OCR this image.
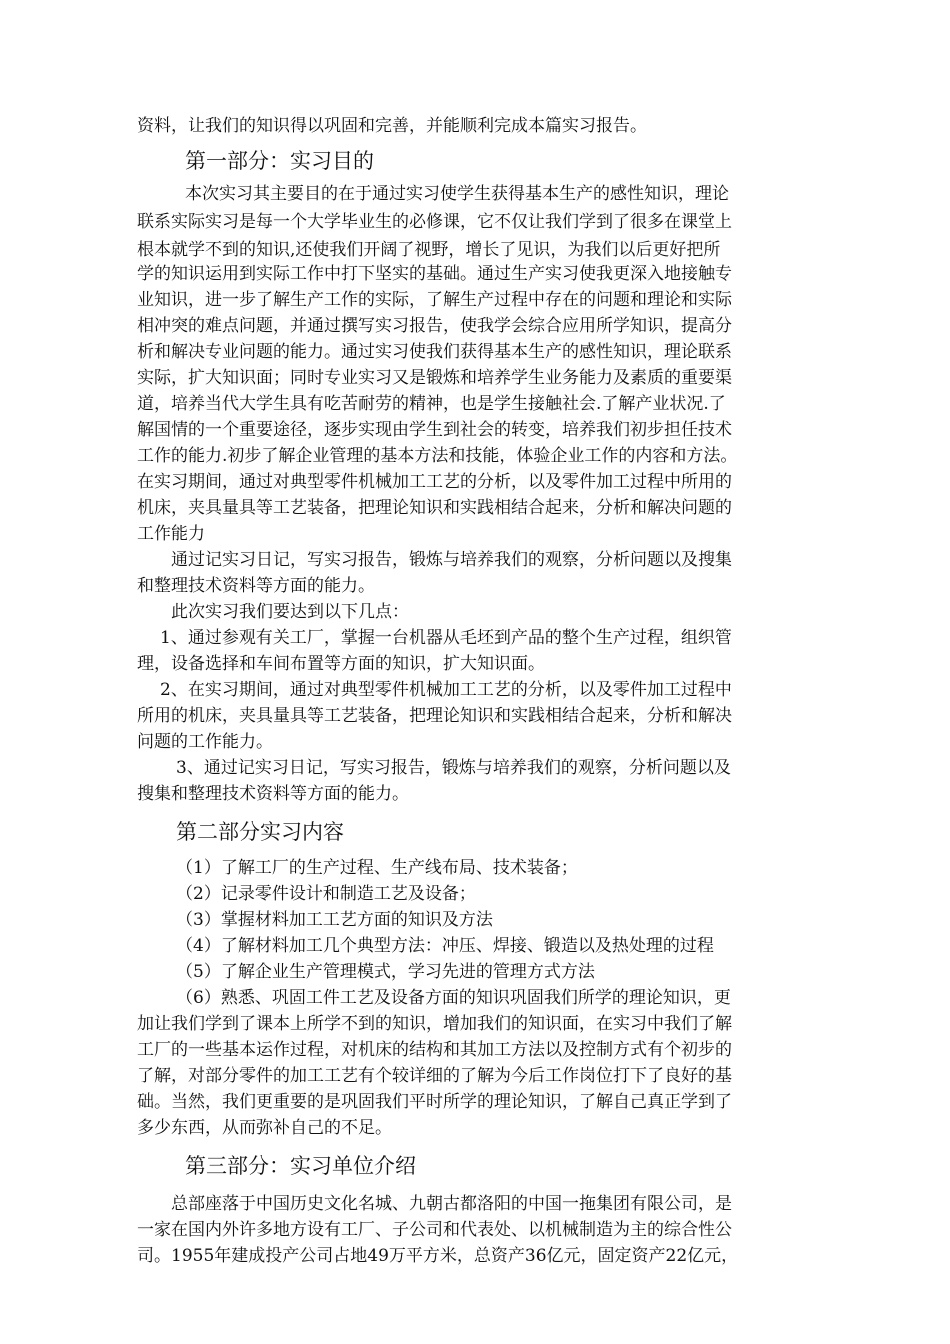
资料，让我们的知识得以巩固和完善，并能顺利完成本篇实习报告。
第一部分：实习目的
本次实习其主要目的在于通过实习使学生获得基本生产的感性知识，理论
联系实际实习是每一个大学毕业生的必修课，它不仅让我们学到了很多在课堂上
根本就学不到的知识,还使我们开阔了视野，增长了见识，为我们以后更好把所
学的知识运用到实际工作中打下坚实的基础。通过生产实习使我更深入地接触专
业知识，进一步了解生产工作的实际，了解生产过程中存在的问题和理论和实际
相冲突的难点问题，并通过撰写实习报告，使我学会综合应用所学知识，提高分
析和解决专业问题的能力。通过实习使我们获得基本生产的感性知识，理论联系
实际，扩大知识面；同时专业实习又是锻炼和培养学生业务能力及素质的重要渠
道，培养当代大学生具有吃苦耐劳的精神，也是学生接触社会.了解产业状况.了
解国情的一个重要途径，逐步实现由学生到社会的转变，培养我们初步担任技术
工作的能力.初步了解企业管理的基本方法和技能，体验企业工作的内容和方法。
在实习期间，通过对典型零件机械加工工艺的分析，以及零件加工过程中所用的
机床，夹具量具等工艺装备，把理论知识和实践相结合起来，分析和解决问题的
工作能力
通过记实习日记，写实习报告，锻炼与培养我们的观察，分析问题以及搜集
和整理技术资料等方面的能力。
此次实习我们要达到以下几点：
1、通过参观有关工厂，掌握一台机器从毛坯到产品的整个生产过程，组织管
理，设备选择和车间布置等方面的知识，扩大知识面。
2、在实习期间，通过对典型零件机械加工工艺的分析，以及零件加工过程中
所用的机床，夹具量具等工艺装备，把理论知识和实践相结合起来，分析和解决
问题的工作能力。
3、通过记实习日记，写实习报告，锻炼与培养我们的观察，分析问题以及
搜集和整理技术资料等方面的能力。
第二部分实习内容
（1）了解工厂的生产过程、生产线布局、技术装备；
（2）记录零件设计和制造工艺及设备；
（3）掌握材料加工工艺方面的知识及方法
（4）了解材料加工几个典型方法：冲压、焊接、锻造以及热处理的过程
（5）了解企业生产管理模式，学习先进的管理方式方法
（6）熟悉、巩固工件工艺及设备方面的知识巩固我们所学的理论知识，更
加让我们学到了课本上所学不到的知识，增加我们的知识面，在实习中我们了解
工厂的一些基本运作过程，对机床的结构和其加工方法以及控制方式有个初步的
了解，对部分零件的加工工艺有个较详细的了解为今后工作岗位打下了良好的基
础。当然，我们更重要的是巩固我们平时所学的理论知识，了解自己真正学到了
多少东西，从而弥补自己的不足。
第三部分：实习单位介绍
总部座落于中国历史文化名城、九朝古都洛阳的中国一拖集团有限公司，是
一家在国内外许多地方设有工厂、子公司和代表处、以机械制造为主的综合性公
司。1955年建成投产公司占地49万平方米，总资产36亿元，固定资产22亿元，
